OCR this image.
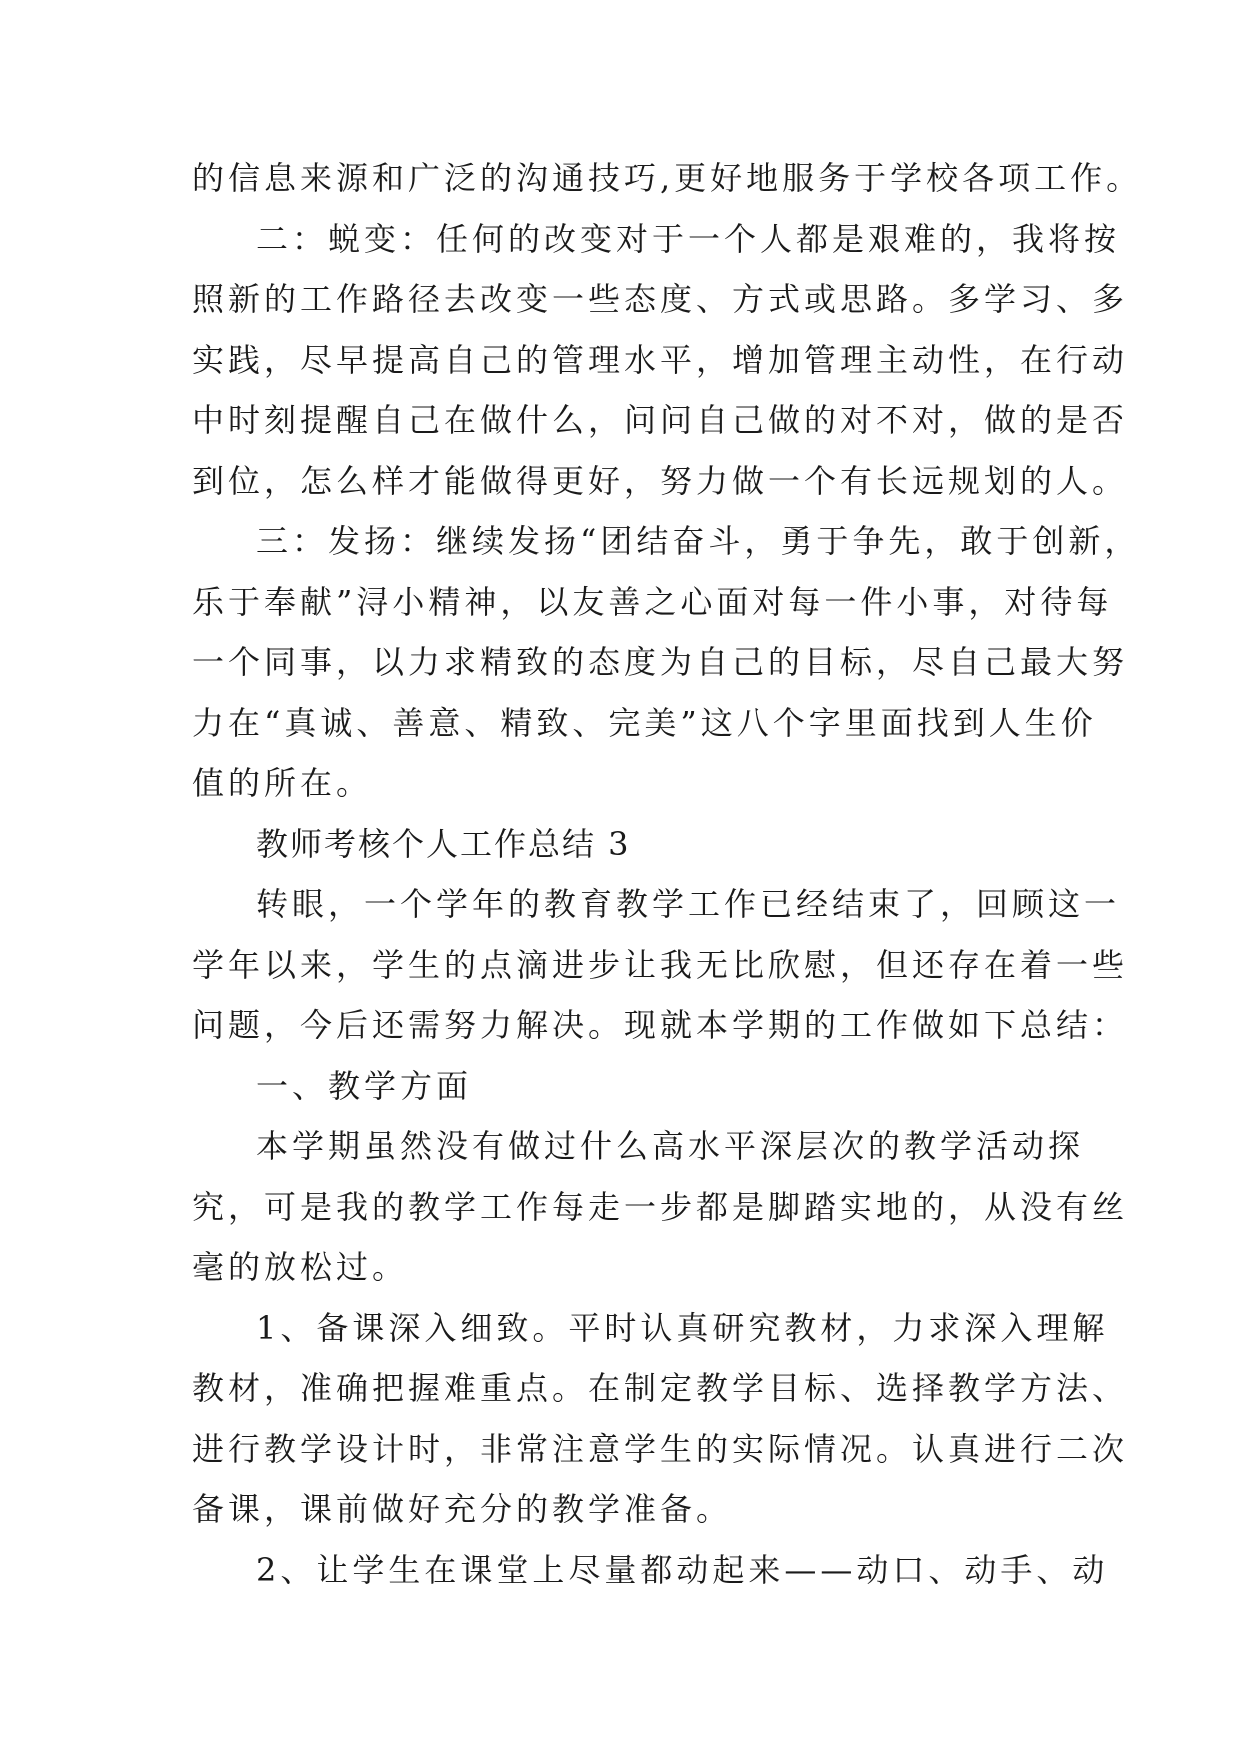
的信息来源和广泛的沟通技巧,更好地服务于学校各项工作。
二：蜕变：任何的改变对于一个人都是艰难的，我将按
照新的工作路径去改变一些态度、方式或思路。多学习、多
实践，尽早提高自己的管理水平，增加管理主动性，在行动
中时刻提醒自己在做什么，问问自己做的对不对，做的是否
到位，怎么样才能做得更好，努力做一个有长远规划的人。
三：发扬：继续发扬“团结奋斗，勇于争先，敢于创新，
乐于奉献”浔小精神，以友善之心面对每一件小事，对待每
一个同事，以力求精致的态度为自己的目标，尽自己最大努
力在“真诚、善意、精致、完美”这八个字里面找到人生价
值的所在。
教师考核个人工作总结 3
转眼，一个学年的教育教学工作已经结束了，回顾这一
学年以来，学生的点滴进步让我无比欣慰，但还存在着一些
问题，今后还需努力解决。现就本学期的工作做如下总结：
一、教学方面
本学期虽然没有做过什么高水平深层次的教学活动探
究，可是我的教学工作每走一步都是脚踏实地的，从没有丝
毫的放松过。
1、备课深入细致。平时认真研究教材，力求深入理解
教材，准确把握难重点。在制定教学目标、选择教学方法、
进行教学设计时，非常注意学生的实际情况。认真进行二次
备课，课前做好充分的教学准备。
2、让学生在课堂上尽量都动起来——动口、动手、动
